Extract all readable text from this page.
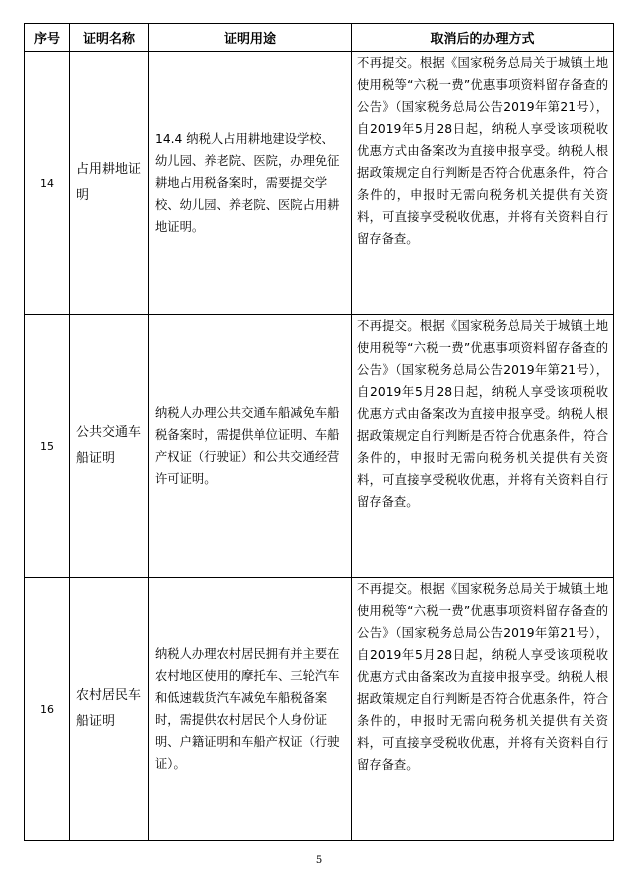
序号	证明名称	证明用途	取消后的办理方式
14	占用耕地证明	14.4 纳税人占用耕地建设学校、幼儿园、养老院、医院，办理免征耕地占用税备案时，需要提交学校、幼儿园、养老院、医院占用耕地证明。	不再提交。根据《国家税务总局关于城镇土地使用税等“六税一费”优惠事项资料留存备查的公告》（国家税务总局公告2019年第21号），自2019年5月28日起，纳税人享受该项税收优惠方式由备案改为直接申报享受。纳税人根据政策规定自行判断是否符合优惠条件，符合条件的，申报时无需向税务机关提供有关资料，可直接享受税收优惠，并将有关资料自行留存备查。
15	公共交通车船证明	纳税人办理公共交通车船减免车船税备案时，需提供单位证明、车船产权证（行驶证）和公共交通经营许可证明。	不再提交。根据《国家税务总局关于城镇土地使用税等“六税一费”优惠事项资料留存备查的公告》（国家税务总局公告2019年第21号），自2019年5月28日起，纳税人享受该项税收优惠方式由备案改为直接申报享受。纳税人根据政策规定自行判断是否符合优惠条件，符合条件的，申报时无需向税务机关提供有关资料，可直接享受税收优惠，并将有关资料自行留存备查。
16	农村居民车船证明	纳税人办理农村居民拥有并主要在农村地区使用的摩托车、三轮汽车和低速载货汽车减免车船税备案时，需提供农村居民个人身份证明、户籍证明和车船产权证（行驶证）。	不再提交。根据《国家税务总局关于城镇土地使用税等“六税一费”优惠事项资料留存备查的公告》（国家税务总局公告2019年第21号），自2019年5月28日起，纳税人享受该项税收优惠方式由备案改为直接申报享受。纳税人根据政策规定自行判断是否符合优惠条件，符合条件的，申报时无需向税务机关提供有关资料，可直接享受税收优惠，并将有关资料自行留存备查。
5
